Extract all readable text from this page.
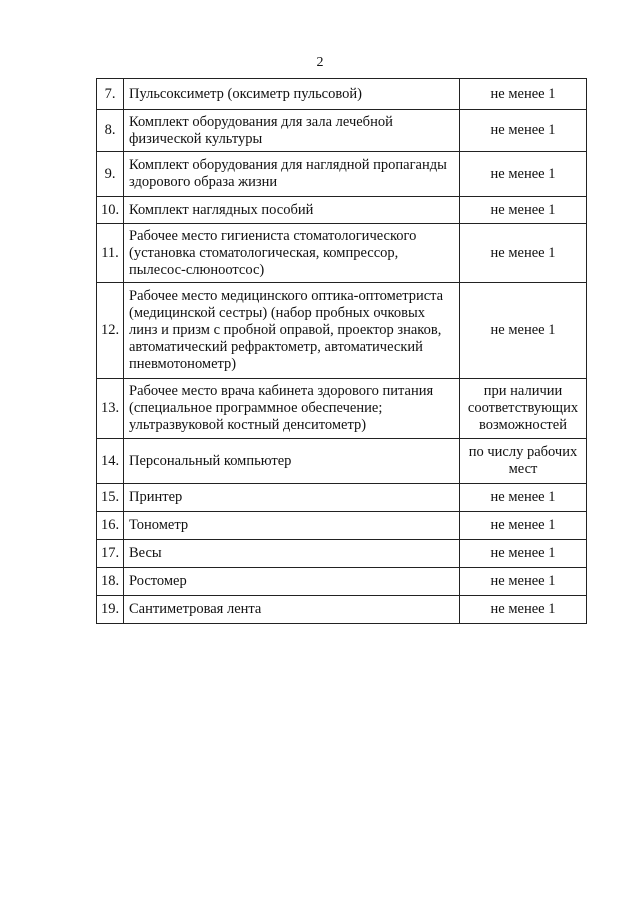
2
7.	Пульсоксиметр (оксиметр пульсовой)	не менее 1
8.	Комплект оборудования для зала лечебной физической культуры	не менее 1
9.	Комплект оборудования для наглядной пропаганды здорового образа жизни	не менее 1
10.	Комплект наглядных пособий	не менее 1
11.	Рабочее место гигиениста стоматологического (установка стоматологическая, компрессор, пылесос-слюноотсос)	не менее 1
12.	Рабочее место медицинского оптика-оптометриста (медицинской сестры) (набор пробных очковых линз и призм с пробной оправой, проектор знаков, автоматический рефрактометр, автоматический пневмотонометр)	не менее 1
13.	Рабочее место врача кабинета здорового питания (специальное программное обеспечение; ультразвуковой костный денситометр)	при наличии соответствующих возможностей
14.	Персональный компьютер	по числу рабочих мест
15.	Принтер	не менее 1
16.	Тонометр	не менее 1
17.	Весы	не менее 1
18.	Ростомер	не менее 1
19.	Сантиметровая лента	не менее 1
